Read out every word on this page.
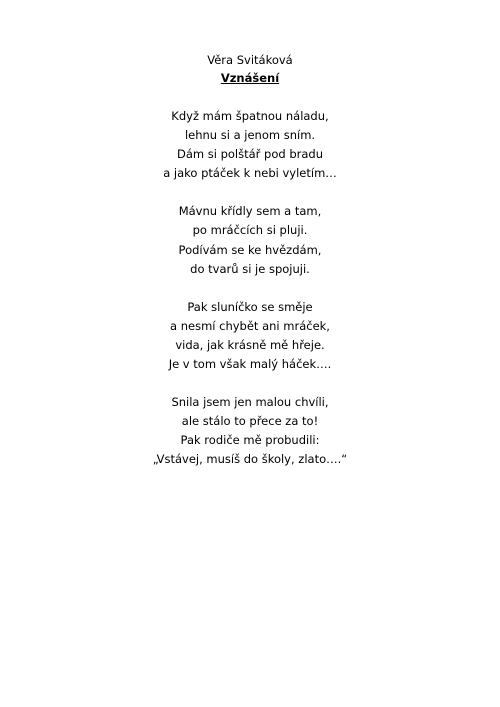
Věra Svitáková
Vznášení
Když mám špatnou náladu,
lehnu si a jenom sním.
Dám si polštář pod bradu
a jako ptáček k nebi vyletím…
Mávnu křídly sem a tam,
po mráčcích si pluji.
Podívám se ke hvězdám,
do tvarů si je spojuji.
Pak sluníčko se směje
a nesmí chybět ani mráček,
vida, jak krásně mě hřeje.
Je v tom však malý háček….
Snila jsem jen malou chvíli,
ale stálo to přece za to!
Pak rodiče mě probudili:
„Vstávej, musíš do školy, zlato….“
